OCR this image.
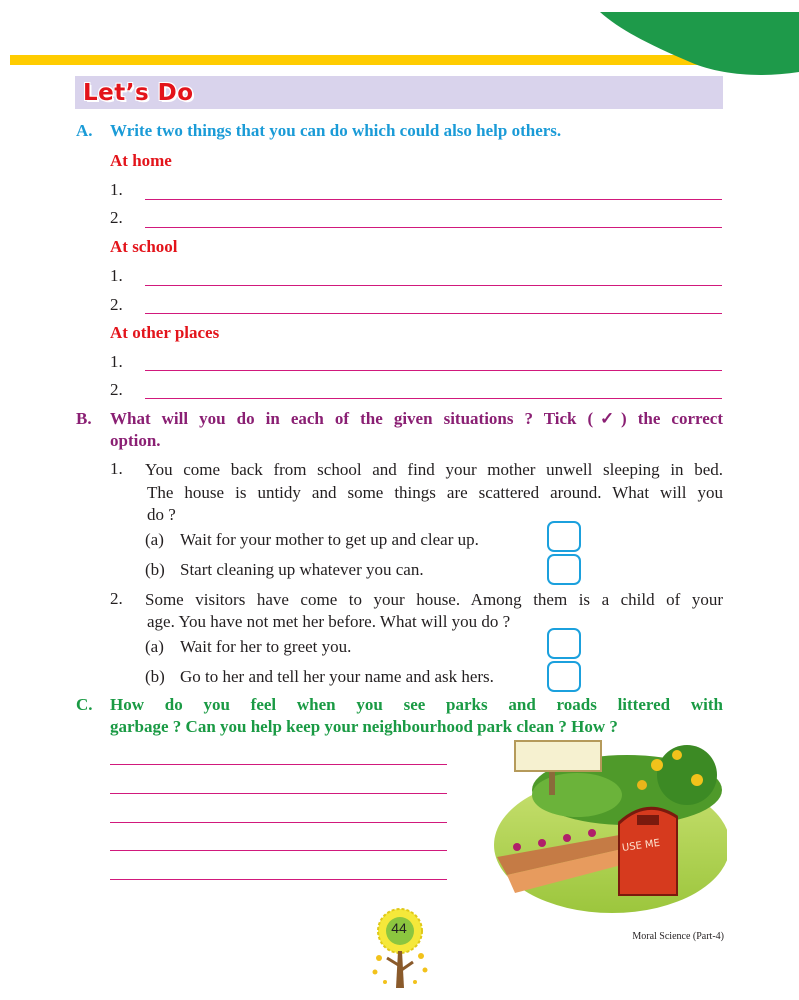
Let’s Do
A. Write two things that you can do which could also help others.
At home
1.
2.
At school
1.
2.
At other places
1.
2.
B. What will you do in each of the given situations ? Tick (✓) the correct
option.
1. You come back from school and find your mother unwell sleeping in bed.
The house is untidy and some things are scattered around. What will you
do ?
(a) Wait for your mother to get up and clear up.
(b) Start cleaning up whatever you can.
2. Some visitors have come to your house. Among them is a child of your
age. You have not met her before. What will you do ?
(a) Wait for her to greet you.
(b) Go to her and tell her your name and ask hers.
C. How do you feel when you see parks and roads littered with
garbage ? Can you help keep your neighbourhood park clean ? How ?
USE ME
44
Moral Science (Part-4)
